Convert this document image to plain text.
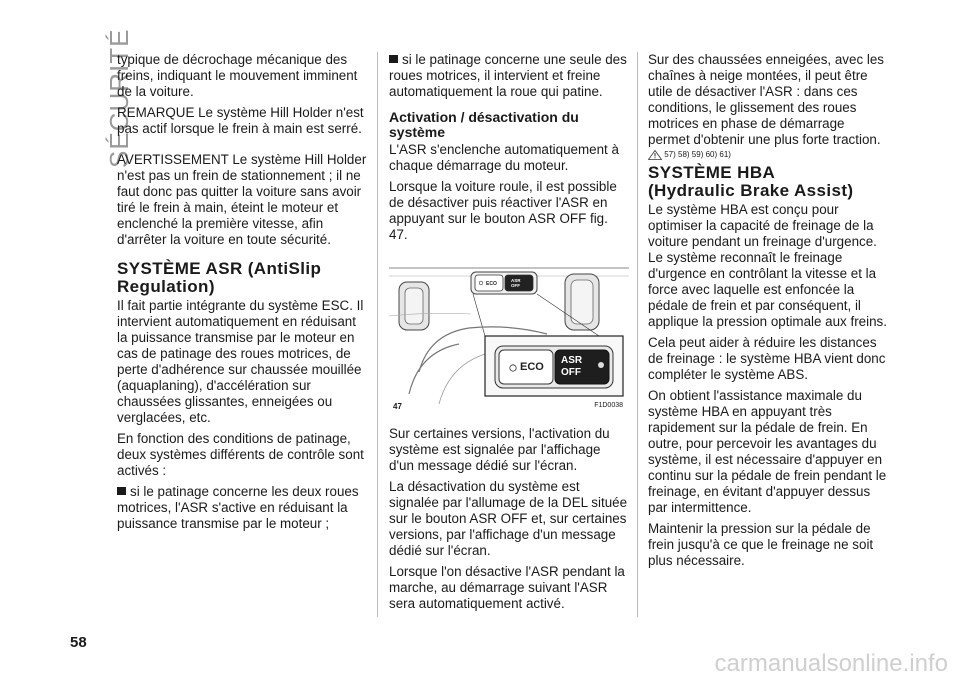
SÉCURITÉ

typique de décrochage mécanique des freins, indiquant le mouvement imminent de la voiture.

REMARQUE Le système Hill Holder n'est pas actif lorsque le frein à main est serré.

AVERTISSEMENT Le système Hill Holder n'est pas un frein de stationnement ; il ne faut donc pas quitter la voiture sans avoir tiré le frein à main, éteint le moteur et enclenché la première vitesse, afin d'arrêter la voiture en toute sécurité.

SYSTÈME ASR (AntiSlip Regulation)

Il fait partie intégrante du système ESC. Il intervient automatiquement en réduisant la puissance transmise par le moteur en cas de patinage des roues motrices, de perte d'adhérence sur chaussée mouillée (aquaplaning), d'accélération sur chaussées glissantes, enneigées ou verglacées, etc.

En fonction des conditions de patinage, deux systèmes différents de contrôle sont activés :

si le patinage concerne les deux roues motrices, l'ASR s'active en réduisant la puissance transmise par le moteur ;

si le patinage concerne une seule des roues motrices, il intervient et freine automatiquement la roue qui patine.

Activation / désactivation du système

L'ASR s'enclenche automatiquement à chaque démarrage du moteur.

Lorsque la voiture roule, il est possible de désactiver puis réactiver l'ASR en appuyant sur le bouton ASR OFF fig. 47.

ECO
ASR
OFF
ECO
ASR
OFF
47	F1D0038

Sur certaines versions, l'activation du système est signalée par l'affichage d'un message dédié sur l'écran.

La désactivation du système est signalée par l'allumage de la DEL située sur le bouton ASR OFF et, sur certaines versions, par l'affichage d'un message dédié sur l'écran.

Lorsque l'on désactive l'ASR pendant la marche, au démarrage suivant l'ASR sera automatiquement activé.

Sur des chaussées enneigées, avec les chaînes à neige montées, il peut être utile de désactiver l'ASR : dans ces conditions, le glissement des roues motrices en phase de démarrage permet d'obtenir une plus forte traction.

57) 58) 59) 60) 61)
SYSTÈME HBA
(Hydraulic Brake Assist)

Le système HBA est conçu pour optimiser la capacité de freinage de la voiture pendant un freinage d'urgence. Le système reconnaît le freinage d'urgence en contrôlant la vitesse et la force avec laquelle est enfoncée la pédale de frein et par conséquent, il applique la pression optimale aux freins.

Cela peut aider à réduire les distances de freinage : le système HBA vient donc compléter le système ABS.

On obtient l'assistance maximale du système HBA en appuyant très rapidement sur la pédale de frein. En outre, pour percevoir les avantages du système, il est nécessaire d'appuyer en continu sur la pédale de frein pendant le freinage, en évitant d'appuyer dessus par intermittence.

Maintenir la pression sur la pédale de frein jusqu'à ce que le freinage ne soit plus nécessaire.

58
carmanualsonline.info
